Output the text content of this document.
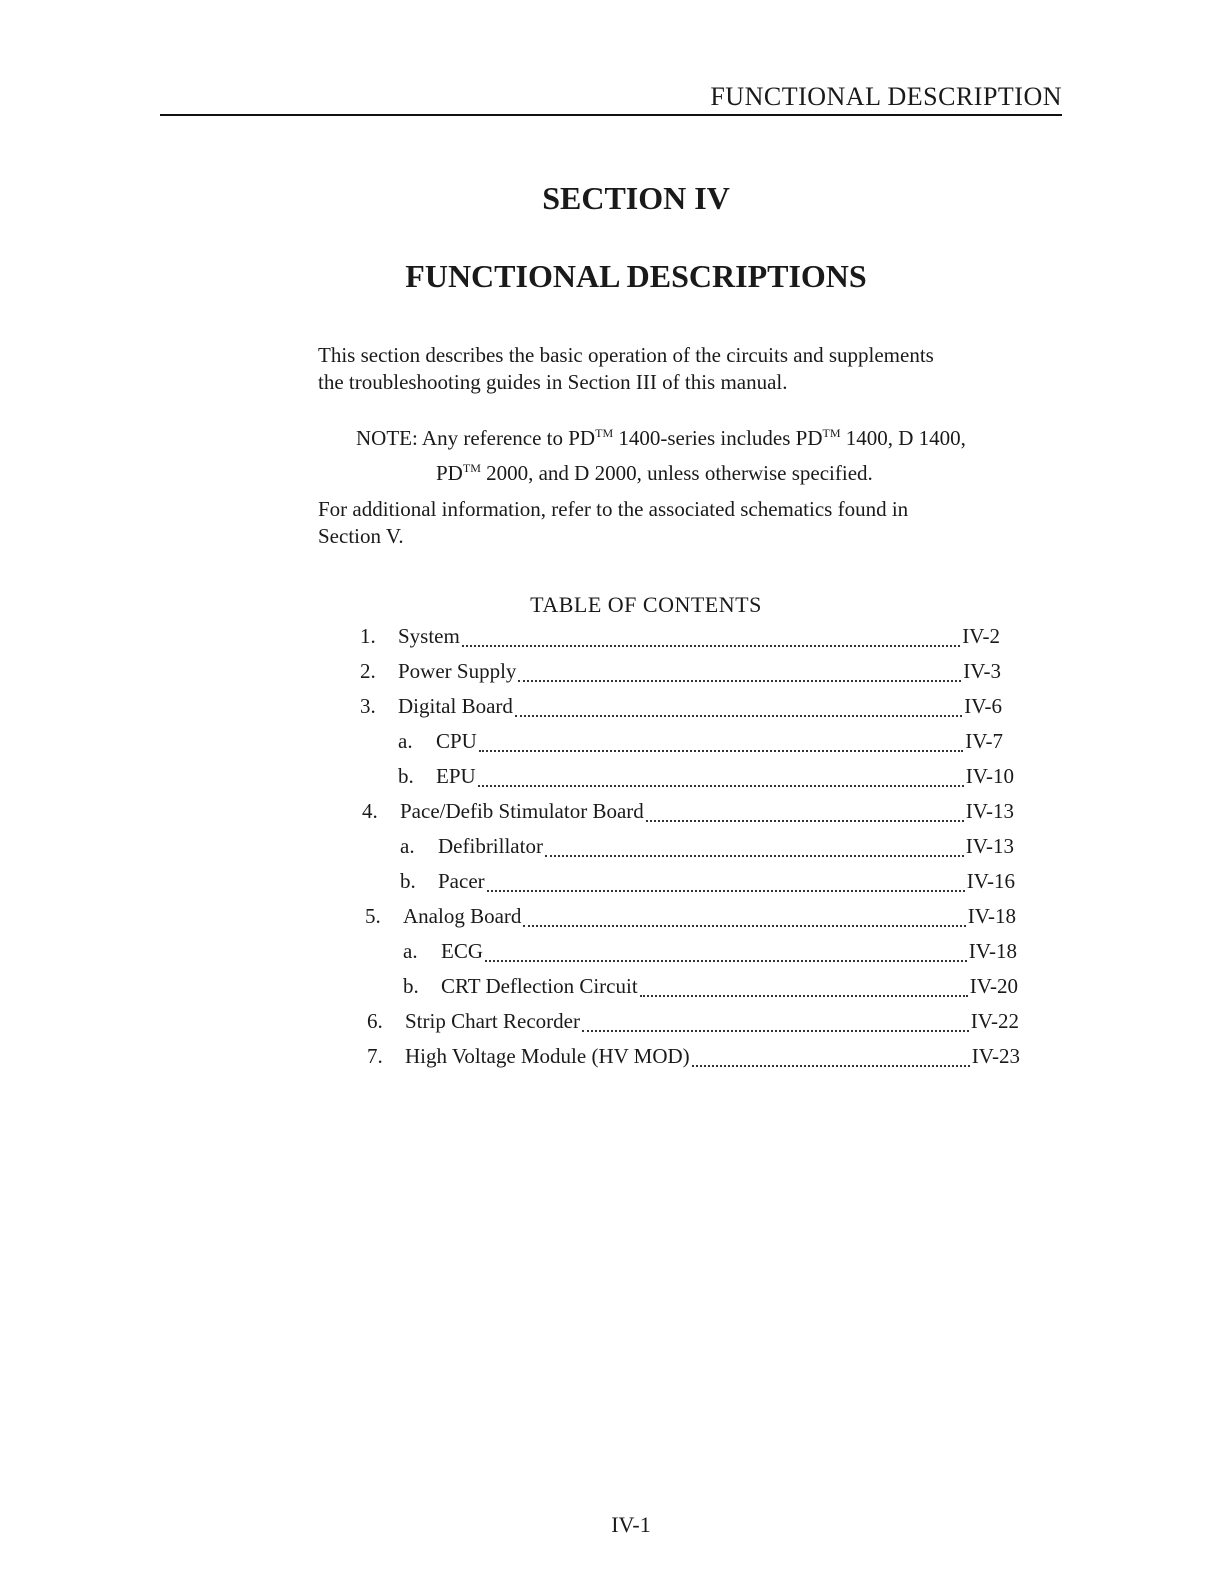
FUNCTIONAL DESCRIPTION
SECTION IV
FUNCTIONAL DESCRIPTIONS
This section describes the basic operation of the circuits and supplements
the troubleshooting guides in Section III of this manual.
NOTE: Any reference to PD™ 1400-series includes PD™ 1400, D 1400,
PD™ 2000, and D 2000, unless otherwise specified.
For additional information, refer to the associated schematics found in
Section V.
TABLE OF CONTENTS
1.	System	IV-2
2.	Power Supply	IV-3
3.	Digital Board	IV-6
a.	CPU	IV-7
b.	EPU	IV-10
4.	Pace/Defib Stimulator Board	IV-13
a.	Defibrillator	IV-13
b.	Pacer	IV-16
5.	Analog Board	IV-18
a.	ECG	IV-18
b.	CRT Deflection Circuit	IV-20
6.	Strip Chart Recorder	IV-22
7.	High Voltage Module (HV MOD)	IV-23
IV-1
